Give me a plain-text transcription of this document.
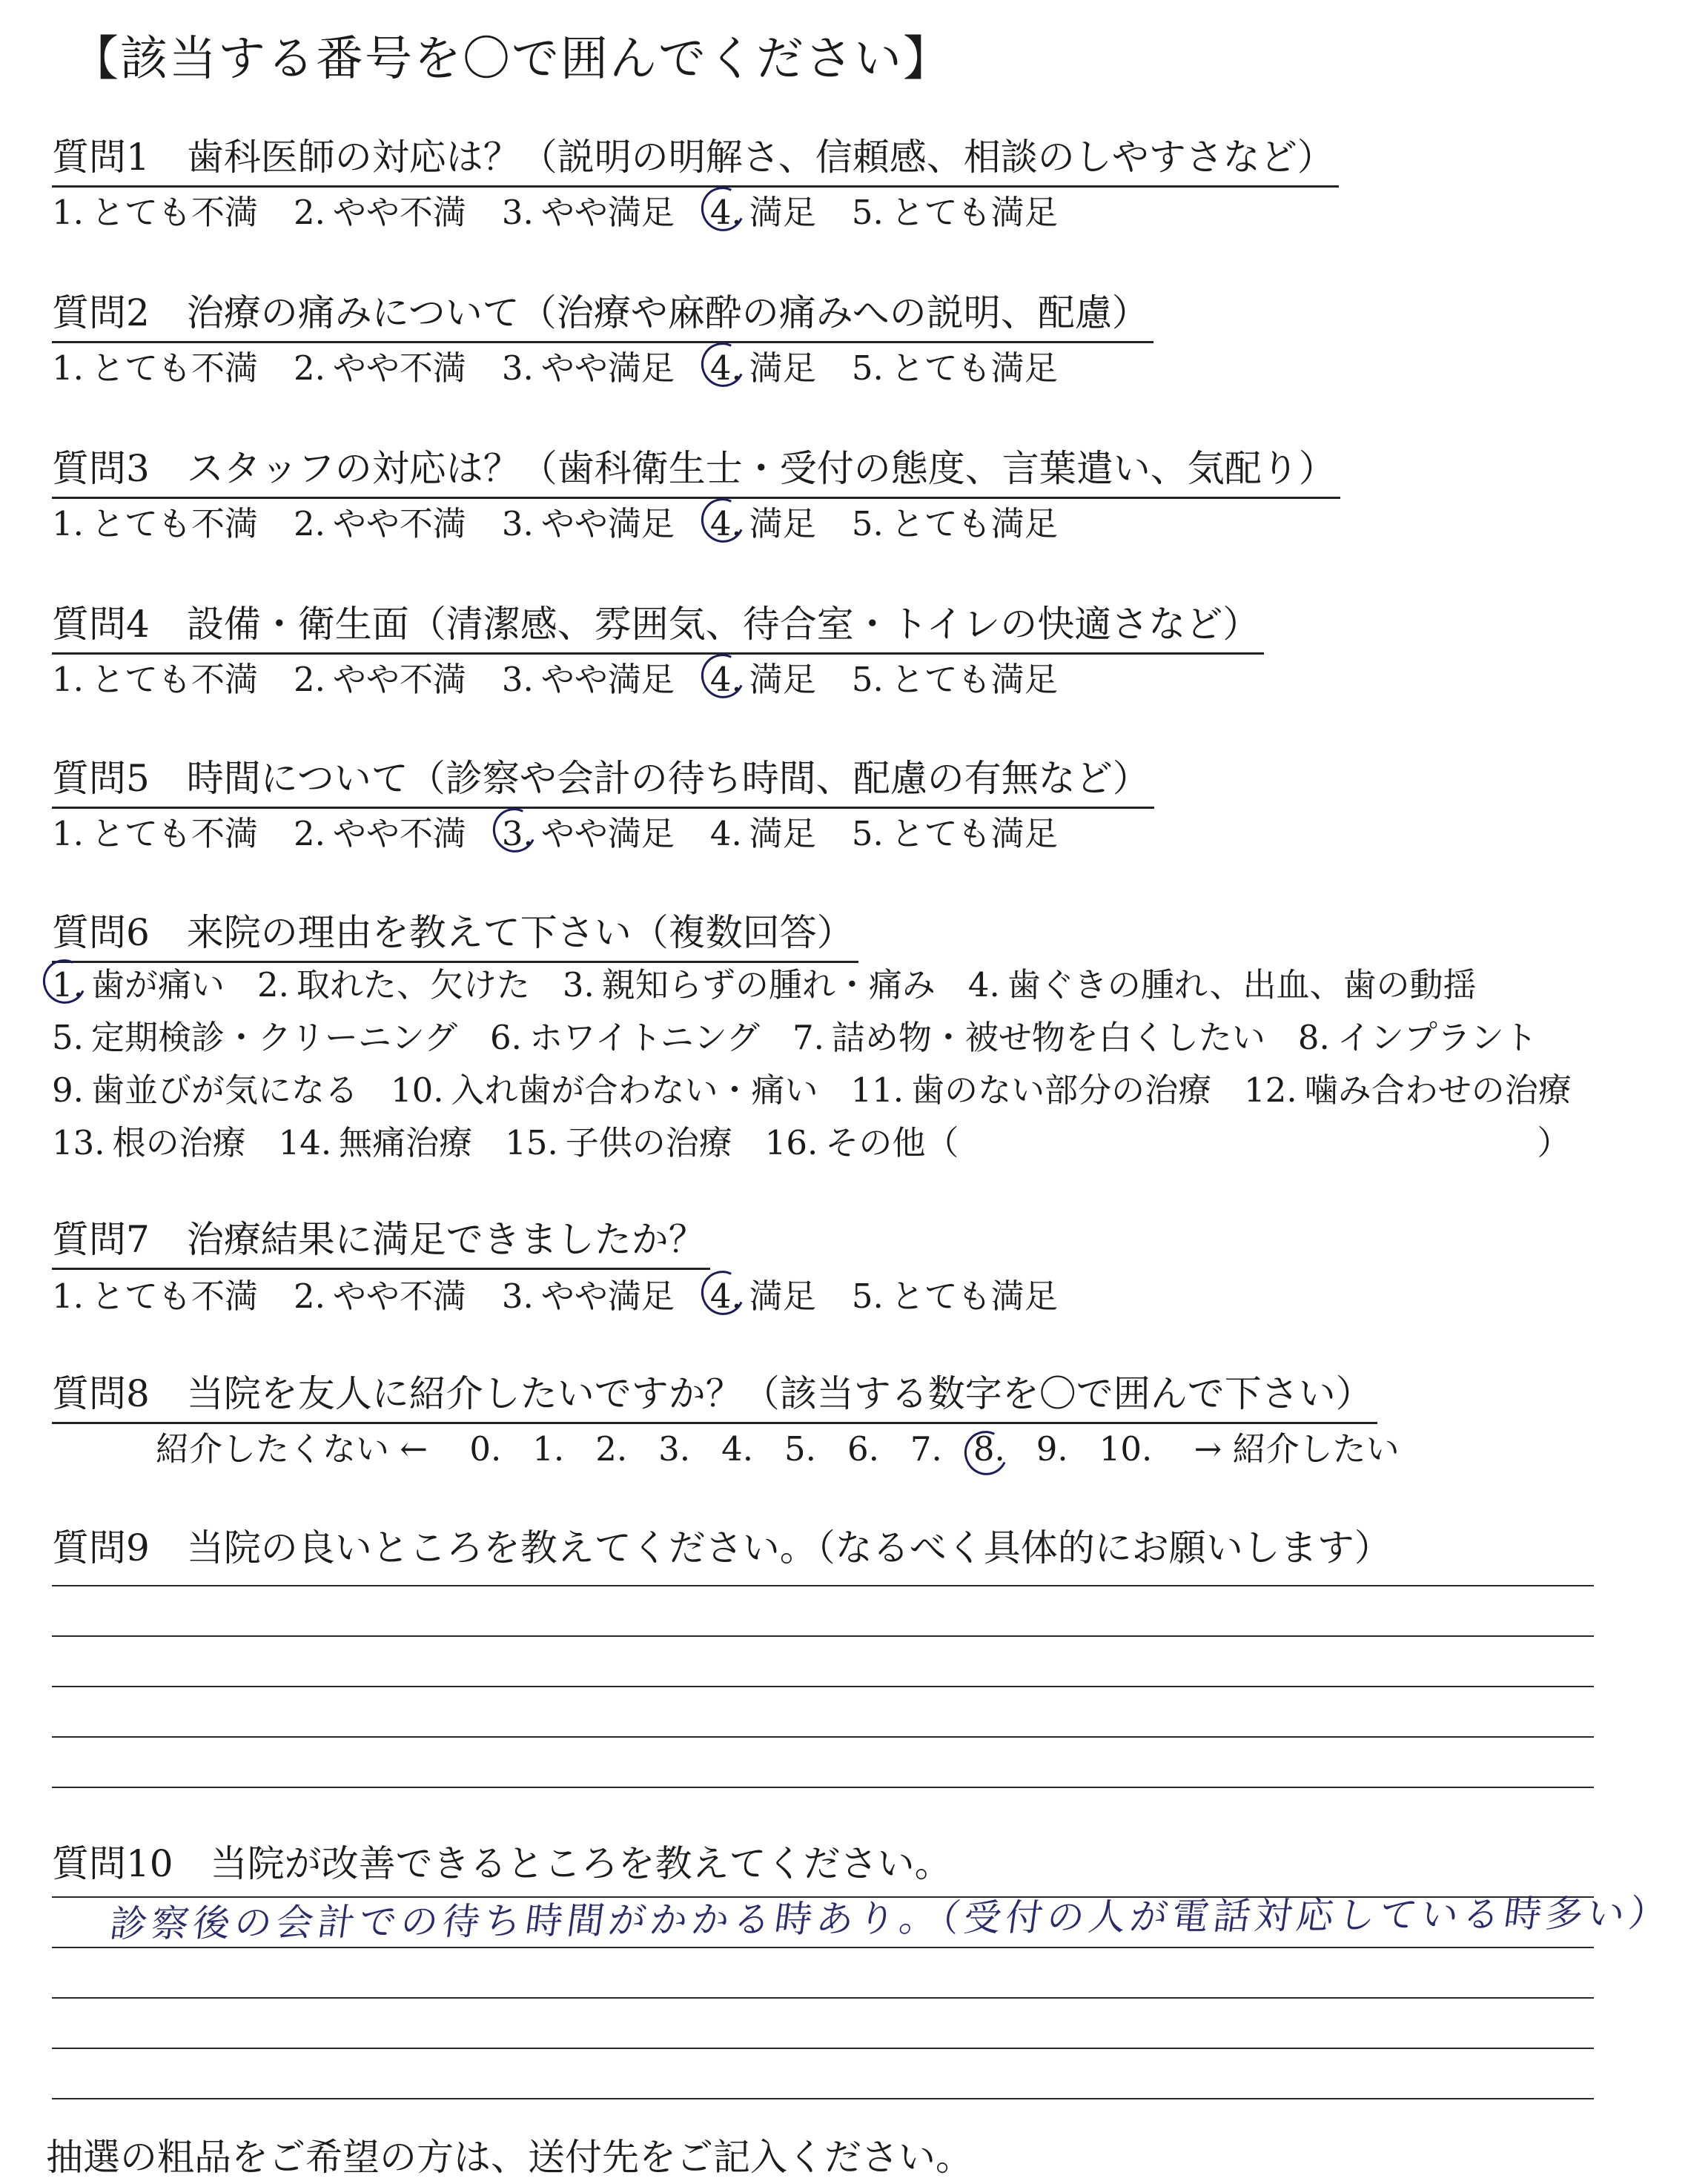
【該当する番号を〇で囲んでください】
質問1　歯科医師の対応は？（説明の明解さ、信頼感、相談のしやすさなど）
1. とても不満 2. やや不満 3. やや満足 4. 満足 5. とても満足
質問2　治療の痛みについて（治療や麻酔の痛みへの説明、配慮）
1. とても不満 2. やや不満 3. やや満足 4. 満足 5. とても満足
質問3　スタッフの対応は？（歯科衛生士・受付の態度、言葉遣い、気配り）
1. とても不満 2. やや不満 3. やや満足 4. 満足 5. とても満足
質問4　設備・衛生面（清潔感、雰囲気、待合室・トイレの快適さなど）
1. とても不満 2. やや不満 3. やや満足 4. 満足 5. とても満足
質問5　時間について（診察や会計の待ち時間、配慮の有無など）
1. とても不満 2. やや不満 3. やや満足 4. 満足 5. とても満足
質問6　来院の理由を教えて下さい（複数回答）
1. 歯が痛い 2. 取れた、欠けた 3. 親知らずの腫れ・痛み 4. 歯ぐきの腫れ、出血、歯の動揺
5. 定期検診・クリーニング 6. ホワイトニング 7. 詰め物・被せ物を白くしたい 8. インプラント
9. 歯並びが気になる 10. 入れ歯が合わない・痛い 11. 歯のない部分の治療 12. 噛み合わせの治療
13. 根の治療 14. 無痛治療 15. 子供の治療 16. その他（	）
質問7　治療結果に満足できましたか？
1. とても不満 2. やや不満 3. やや満足 4. 満足 5. とても満足
質問8　当院を友人に紹介したいですか？（該当する数字を〇で囲んで下さい）
紹介したくない ← 0. 1. 2. 3. 4. 5. 6. 7. 8. 9. 10. → 紹介したい
質問9　当院の良いところを教えてください。（なるべく具体的にお願いします）
質問10　当院が改善できるところを教えてください。
診察後の会計での待ち時間がかかる時あり。（受付の人が電話対応している時多い）
抽選の粗品をご希望の方は、送付先をご記入ください。
